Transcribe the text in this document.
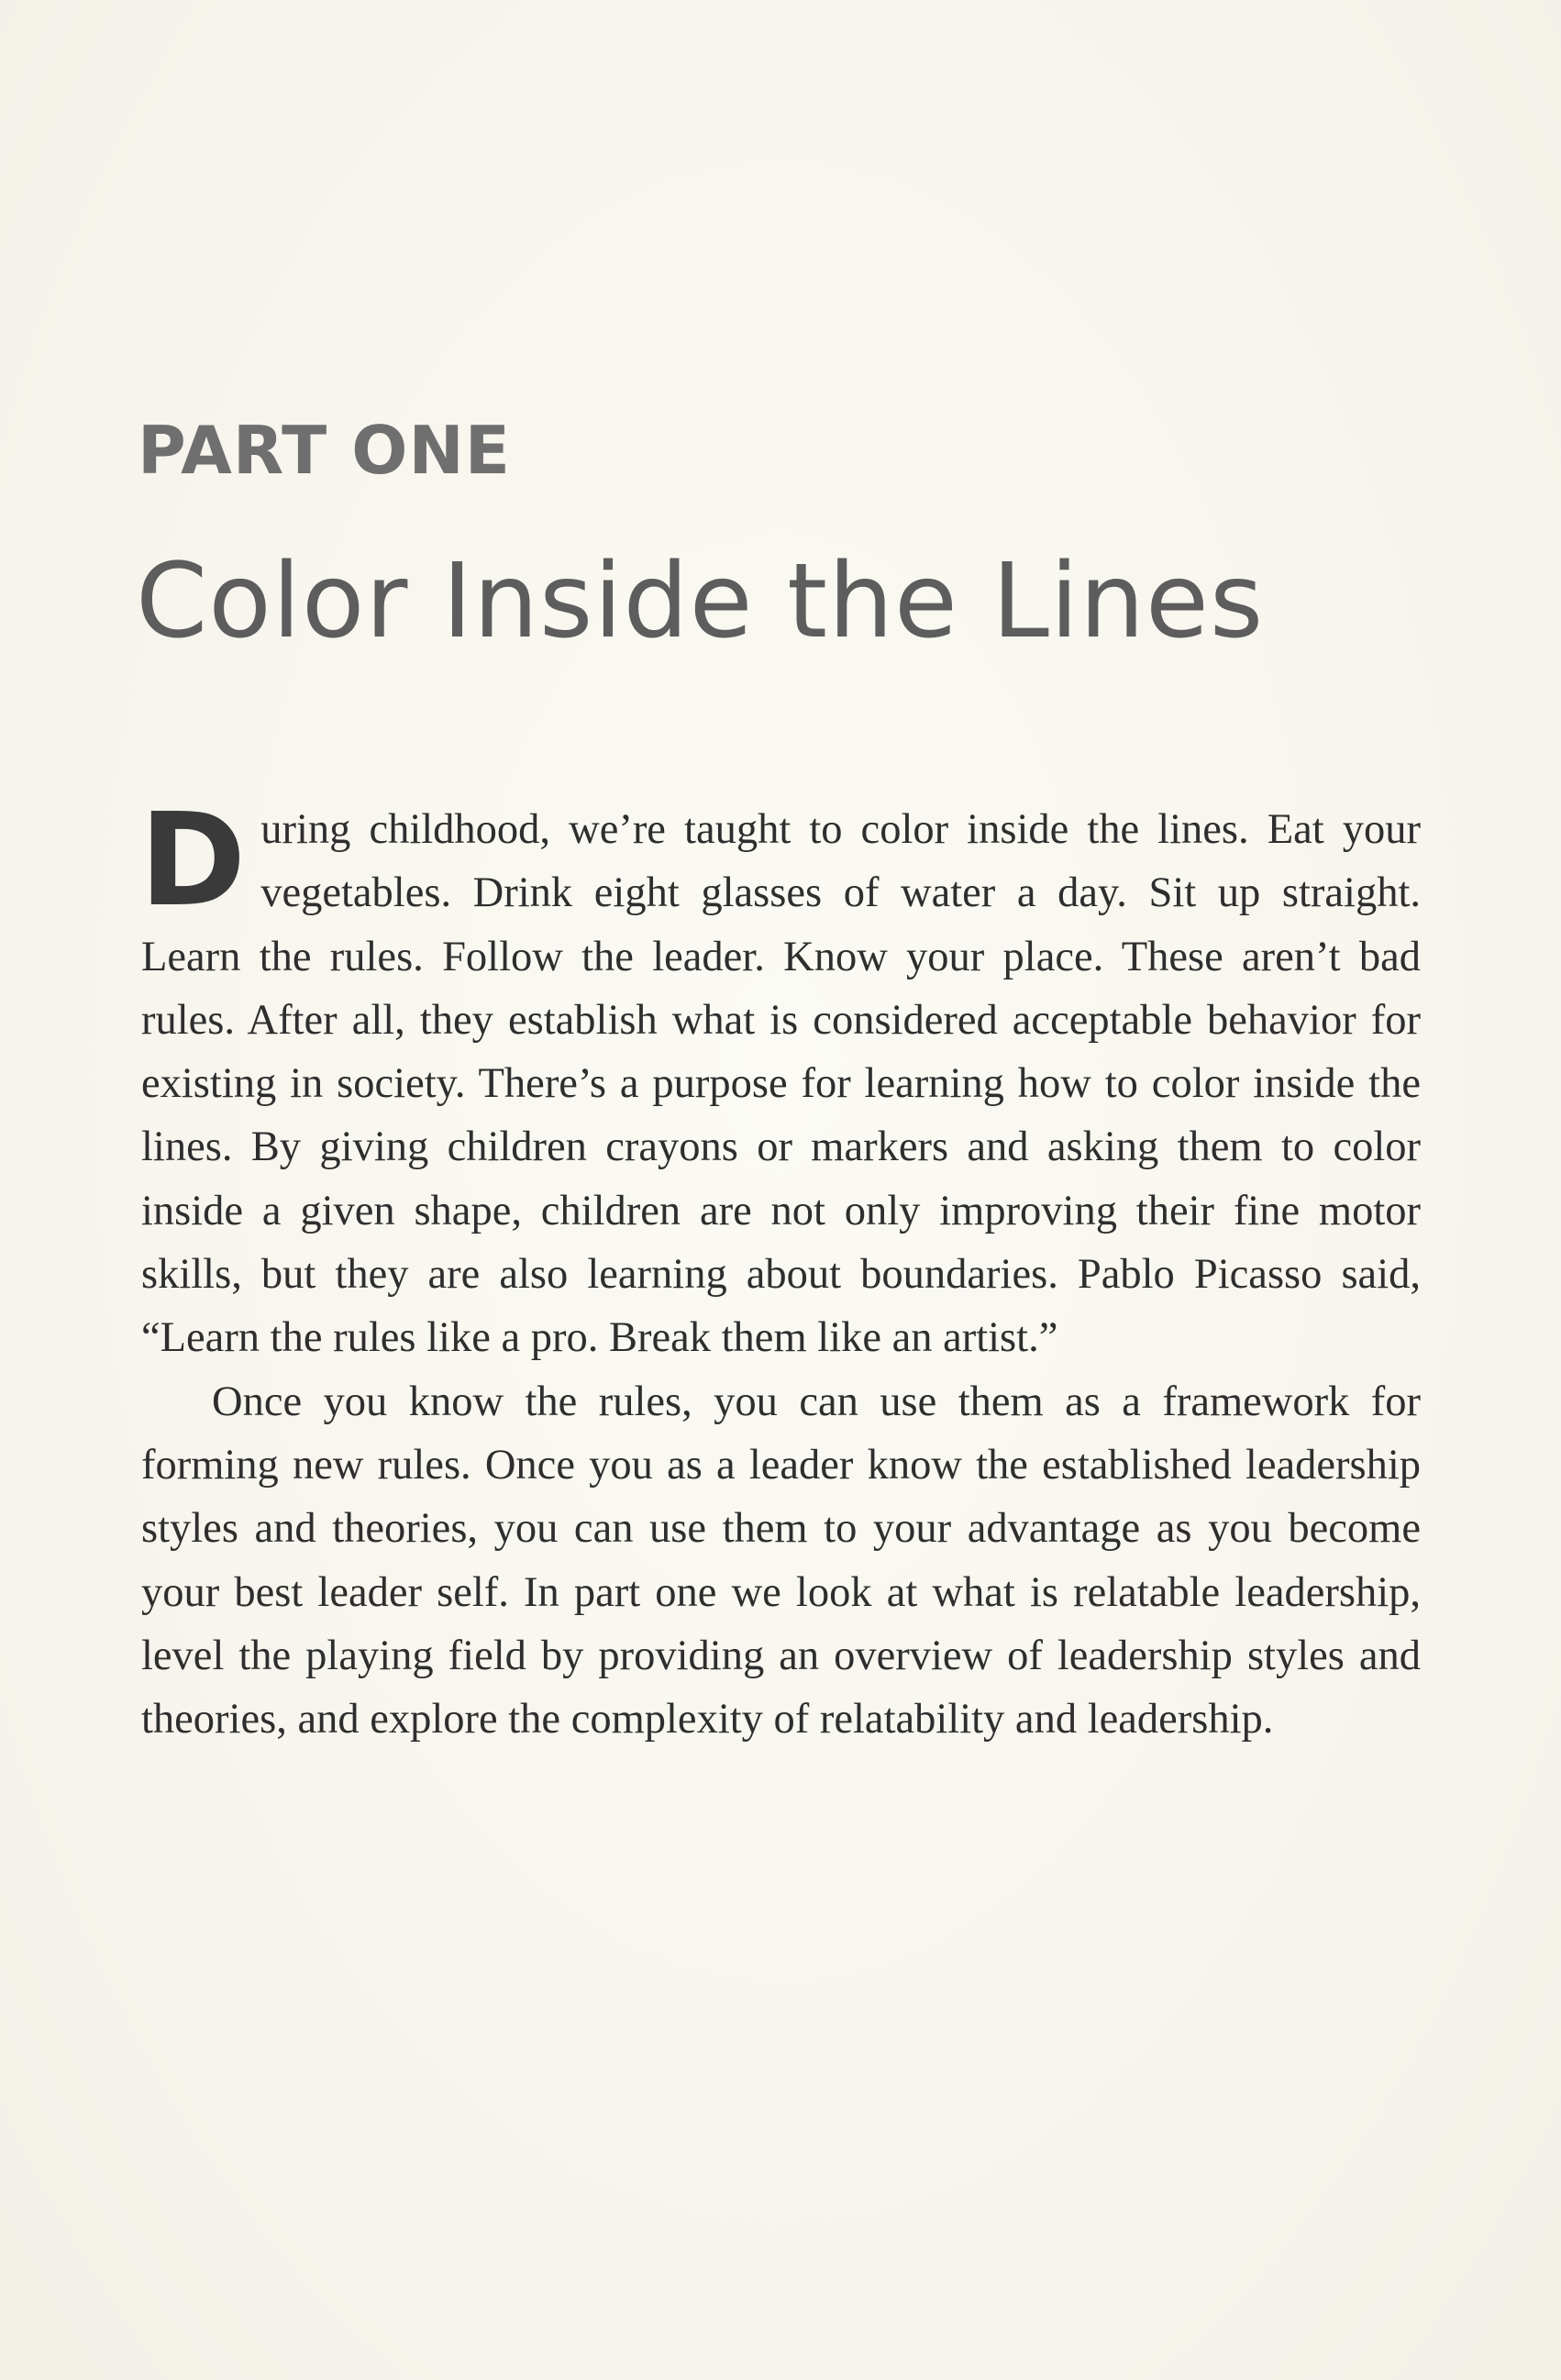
PART ONE
Color Inside the Lines

During childhood, we’re taught to color inside the lines. Eat your vegetables. Drink eight glasses of water a day. Sit up straight. Learn the rules. Follow the leader. Know your place. These aren’t bad rules. After all, they establish what is considered acceptable behavior for existing in society. There’s a purpose for learning how to color inside the lines. By giving children crayons or markers and asking them to color inside a given shape, children are not only improving their fine motor skills, but they are also learning about boundaries. Pablo Picasso said, “Learn the rules like a pro. Break them like an artist.”

Once you know the rules, you can use them as a framework for forming new rules. Once you as a leader know the established leadership styles and theories, you can use them to your advantage as you become your best leader self. In part one we look at what is relatable leadership, level the playing field by providing an overview of leadership styles and theories, and explore the complexity of relatability and leadership.
